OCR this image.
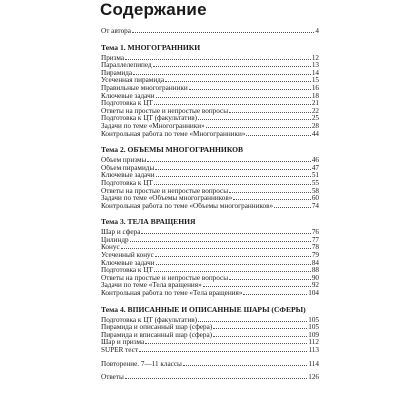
Содержание
От автора	4
Тема 1. МНОГОГРАННИКИ
Призма	12
Параллелепипед	13
Пирамида	14
Усеченная пирамида	15
Правильные многогранники	16
Ключевые задачи	18
Подготовка к ЦТ	21
Ответы на простые и непростые вопросы	22
Подготовка к ЦТ (факультатив)	25
Задачи по теме «Многогранники»	28
Контрольная работа по теме «Многогранники»	44
Тема 2. ОБЪЕМЫ МНОГОГРАННИКОВ
Объем призмы	46
Объем пирамиды	47
Ключевые задачи	51
Подготовка к ЦТ	55
Ответы на простые и непростые вопросы	58
Задачи по теме «Объемы многогранников»	60
Контрольная работа по теме «Объемы многогранников»	74
Тема 3. ТЕЛА ВРАЩЕНИЯ
Шар и сфера	76
Цилиндр	77
Конус	78
Усеченный конус	79
Ключевые задачи	84
Подготовка к ЦТ	88
Ответы на простые и непростые вопросы	90
Задачи по теме «Тела вращения»	92
Контрольная работа по теме «Тела вращения»	104
Тема 4. ВПИСАННЫЕ И ОПИСАННЫЕ ШАРЫ (СФЕРЫ)
Подготовка к ЦТ (факультатив)	105
Пирамида и описанный шар (сфера)	105
Пирамида и вписанный шар (сфера)	109
Шар и призма	112
SUPER тест	113
Повторение. 7—11 классы	114
Ответы	126
